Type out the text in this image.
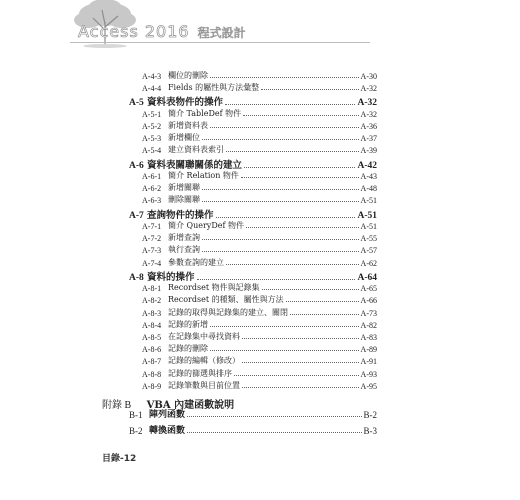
Access 2016 程式設計
A-4-3 欄位的刪除	A-30
A-4-4 Fields 的屬性與方法彙整	A-32
A-5 資料表物件的操作	A-32
A-5-1 簡介 TableDef 物件	A-32
A-5-2 新增資料表	A-36
A-5-3 新增欄位	A-37
A-5-4 建立資料表索引	A-39
A-6 資料表關聯關係的建立	A-42
A-6-1 簡介 Relation 物件	A-43
A-6-2 新增關聯	A-48
A-6-3 刪除關聯	A-51
A-7 查詢物件的操作	A-51
A-7-1 簡介 QueryDef 物件	A-51
A-7-2 新增查詢	A-55
A-7-3 執行查詢	A-57
A-7-4 參數查詢的建立	A-62
A-8 資料的操作	A-64
A-8-1 Recordset 物件與記錄集	A-65
A-8-2 Recordset 的種類、屬性與方法	A-66
A-8-3 記錄的取得與記錄集的建立、關閉	A-73
A-8-4 記錄的新增	A-82
A-8-5 在記錄集中尋找資料	A-83
A-8-6 記錄的刪除	A-89
A-8-7 記錄的編輯（修改）	A-91
A-8-8 記錄的篩選與排序	A-93
A-8-9 記錄筆數與目前位置	A-95
B-1 陣列函數	B-2
B-2 轉換函數	B-3
附錄 B VBA 內建函數說明
目錄-12
